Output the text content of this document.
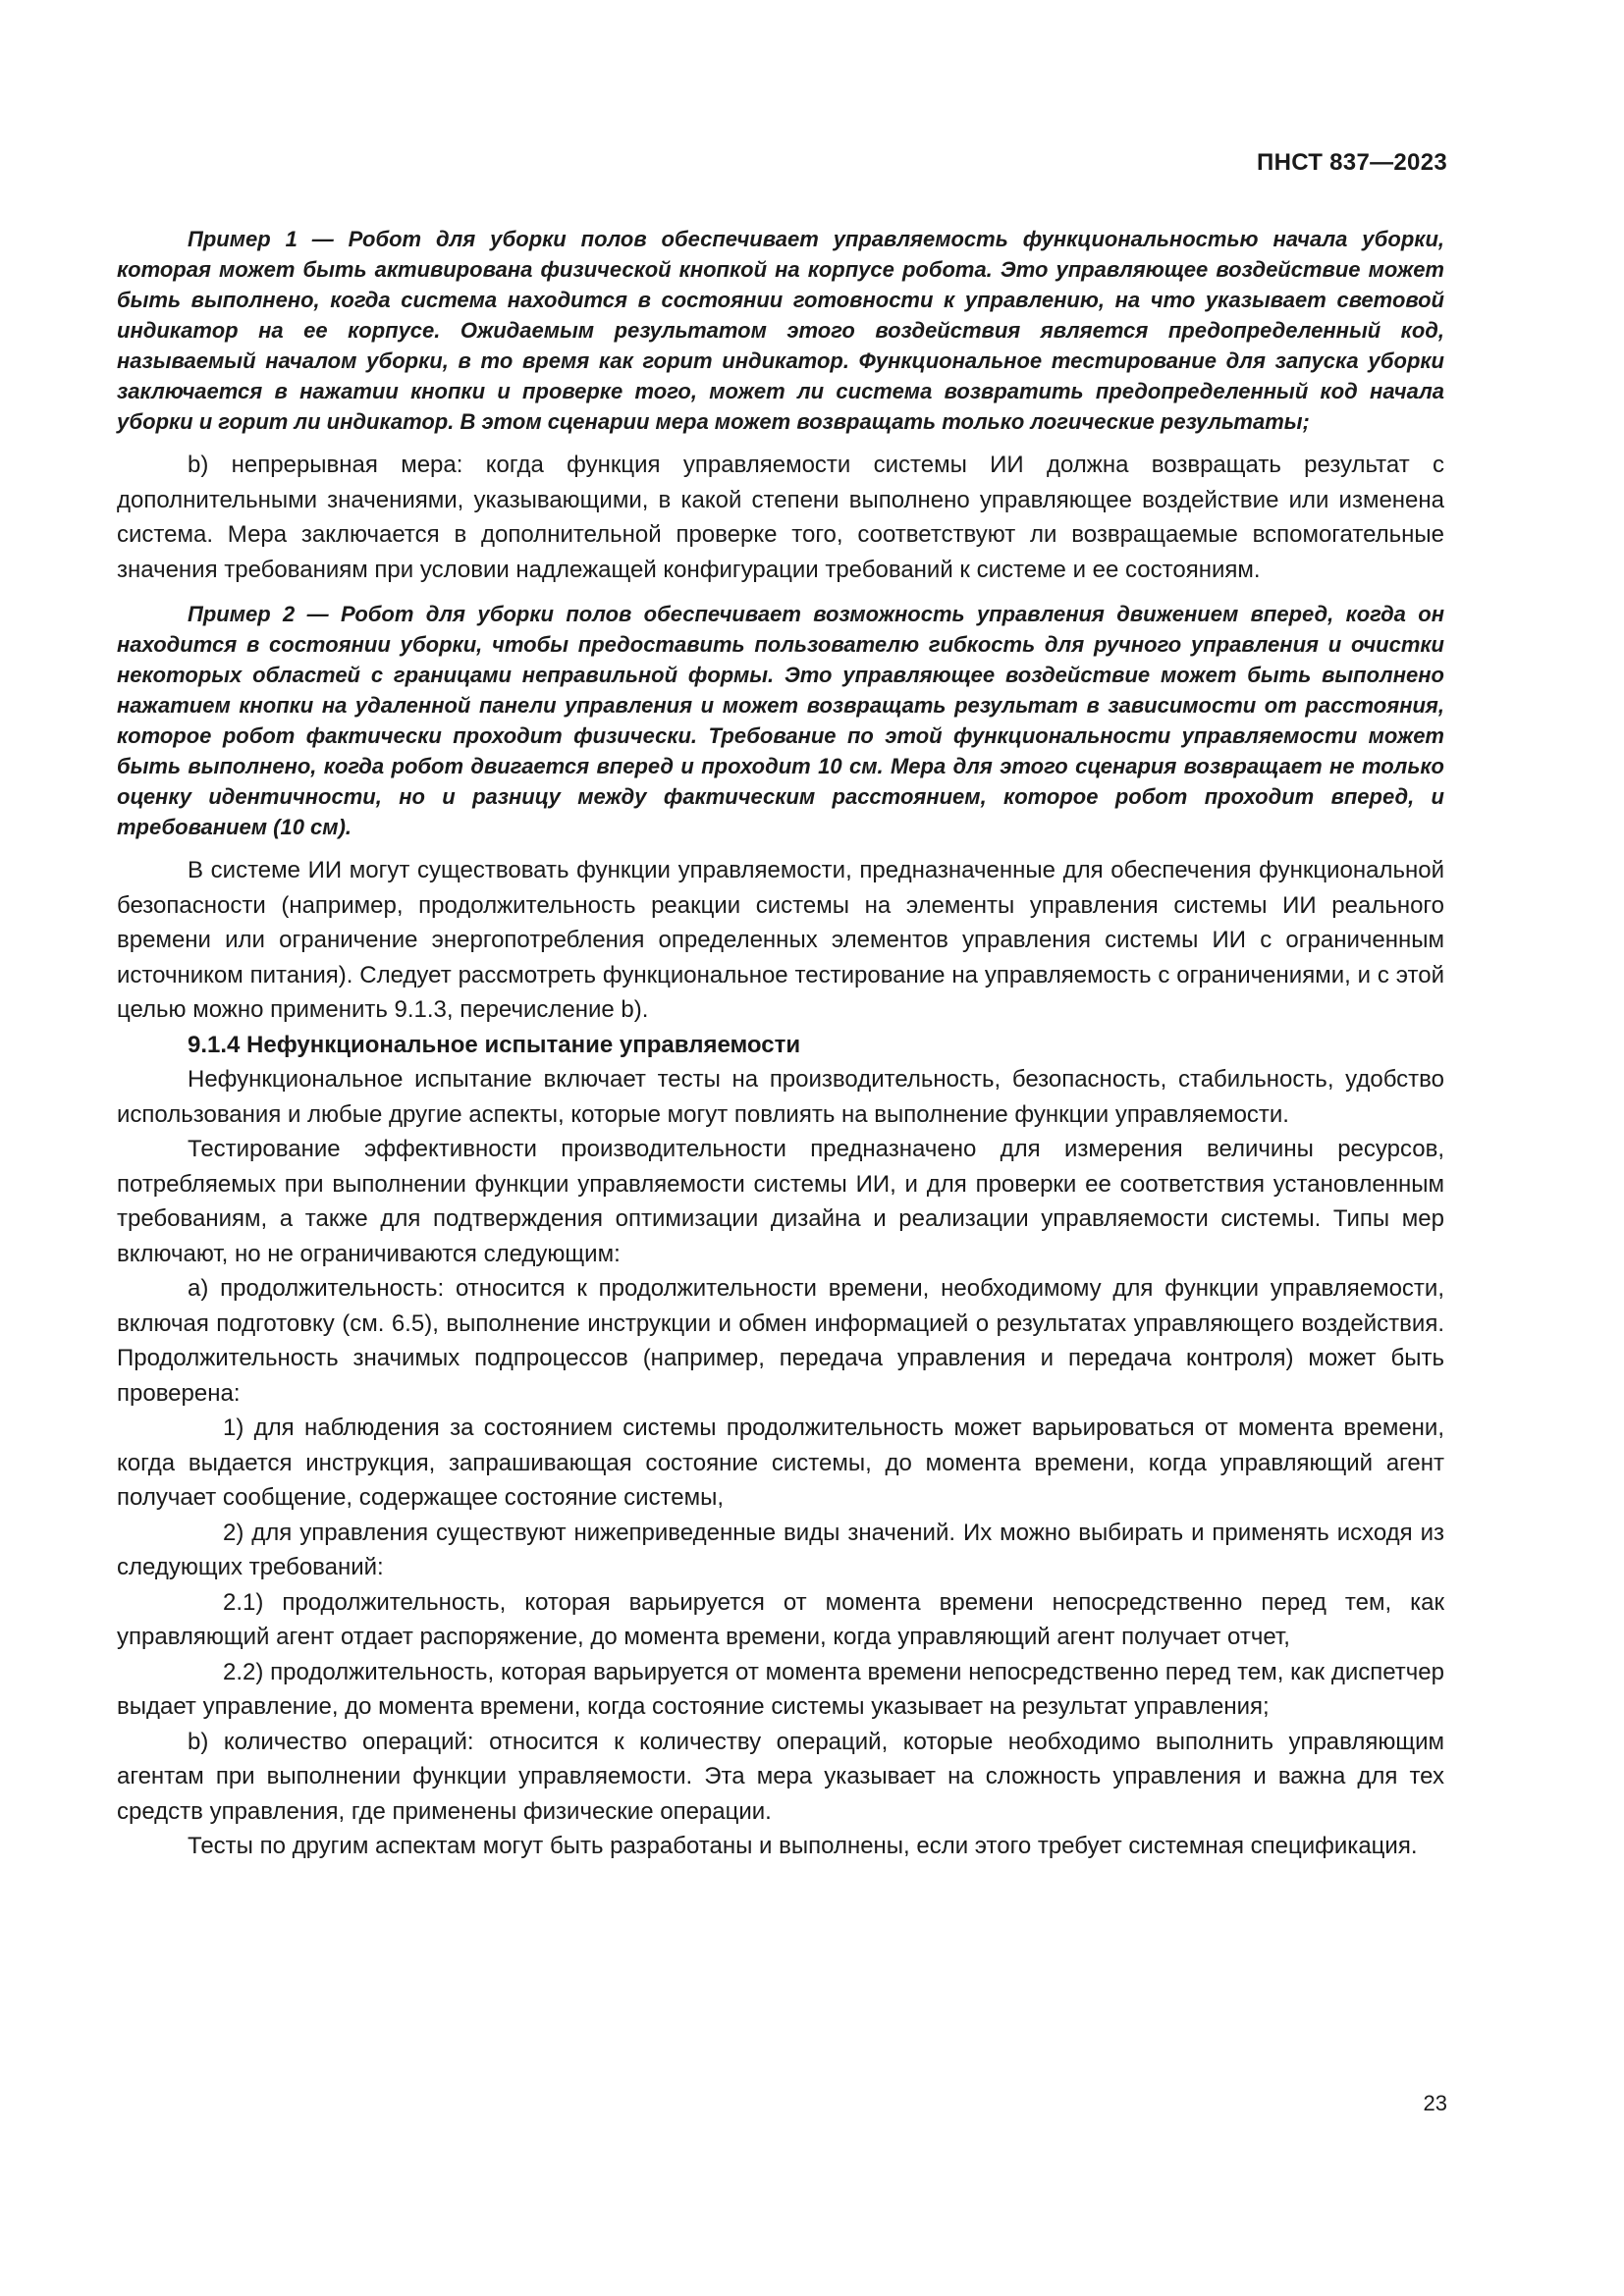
ПНСТ 837—2023

Пример 1 — Робот для уборки полов обеспечивает управляемость функциональностью начала уборки, которая может быть активирована физической кнопкой на корпусе робота. Это управляющее воздействие может быть выполнено, когда система находится в состоянии готовности к управлению, на что указывает световой индикатор на ее корпусе. Ожидаемым результатом этого воздействия является предопределенный код, называемый началом уборки, в то время как горит индикатор. Функциональное тестирование для запуска уборки заключается в нажатии кнопки и проверке того, может ли система возвратить предопределенный код начала уборки и горит ли индикатор. В этом сценарии мера может возвращать только логические результаты;

b) непрерывная мера: когда функция управляемости системы ИИ должна возвращать результат с дополнительными значениями, указывающими, в какой степени выполнено управляющее воздействие или изменена система. Мера заключается в дополнительной проверке того, соответствуют ли возвращаемые вспомогательные значения требованиям при условии надлежащей конфигурации требований к системе и ее состояниям.

Пример 2 — Робот для уборки полов обеспечивает возможность управления движением вперед, когда он находится в состоянии уборки, чтобы предоставить пользователю гибкость для ручного управления и очистки некоторых областей с границами неправильной формы. Это управляющее воздействие может быть выполнено нажатием кнопки на удаленной панели управления и может возвращать результат в зависимости от расстояния, которое робот фактически проходит физически. Требование по этой функциональности управляемости может быть выполнено, когда робот двигается вперед и проходит 10 см. Мера для этого сценария возвращает не только оценку идентичности, но и разницу между фактическим расстоянием, которое робот проходит вперед, и требованием (10 см).

В системе ИИ могут существовать функции управляемости, предназначенные для обеспечения функциональной безопасности (например, продолжительность реакции системы на элементы управления системы ИИ реального времени или ограничение энергопотребления определенных элементов управления системы ИИ с ограниченным источником питания). Следует рассмотреть функциональное тестирование на управляемость с ограничениями, и с этой целью можно применить 9.1.3, перечисление b).

9.1.4 Нефункциональное испытание управляемости

Нефункциональное испытание включает тесты на производительность, безопасность, стабильность, удобство использования и любые другие аспекты, которые могут повлиять на выполнение функции управляемости.

Тестирование эффективности производительности предназначено для измерения величины ресурсов, потребляемых при выполнении функции управляемости системы ИИ, и для проверки ее соответствия установленным требованиям, а также для подтверждения оптимизации дизайна и реализации управляемости системы. Типы мер включают, но не ограничиваются следующим:

а) продолжительность: относится к продолжительности времени, необходимому для функции управляемости, включая подготовку (см. 6.5), выполнение инструкции и обмен информацией о результатах управляющего воздействия. Продолжительность значимых подпроцессов (например, передача управления и передача контроля) может быть проверена:

1) для наблюдения за состоянием системы продолжительность может варьироваться от момента времени, когда выдается инструкция, запрашивающая состояние системы, до момента времени, когда управляющий агент получает сообщение, содержащее состояние системы,

2) для управления существуют нижеприведенные виды значений. Их можно выбирать и применять исходя из следующих требований:

2.1) продолжительность, которая варьируется от момента времени непосредственно перед тем, как управляющий агент отдает распоряжение, до момента времени, когда управляющий агент получает отчет,

2.2) продолжительность, которая варьируется от момента времени непосредственно перед тем, как диспетчер выдает управление, до момента времени, когда состояние системы указывает на результат управления;

b) количество операций: относится к количеству операций, которые необходимо выполнить управляющим агентам при выполнении функции управляемости. Эта мера указывает на сложность управления и важна для тех средств управления, где применены физические операции.

Тесты по другим аспектам могут быть разработаны и выполнены, если этого требует системная спецификация.

23
